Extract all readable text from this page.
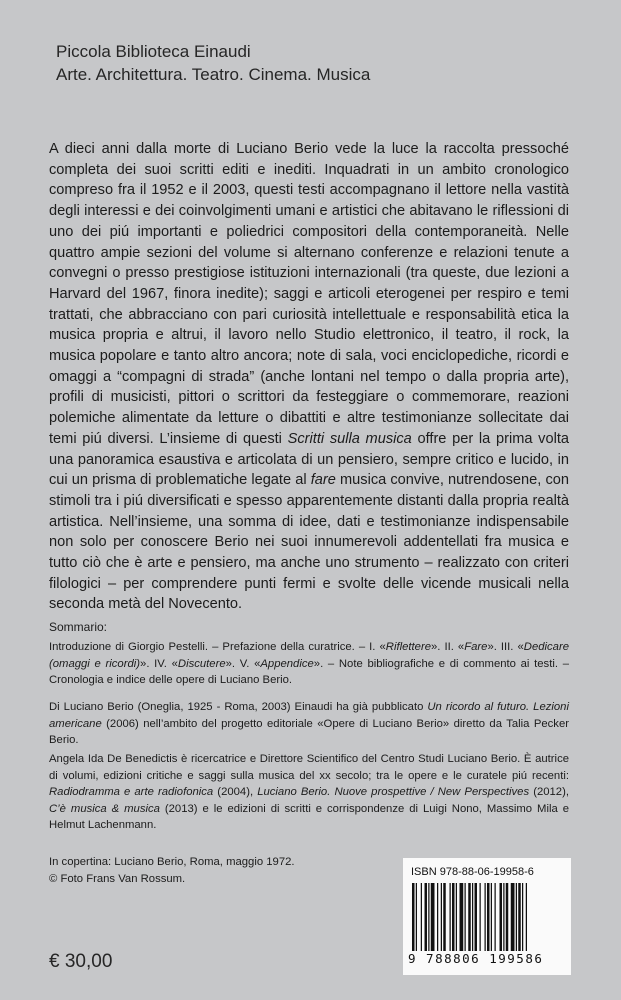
Piccola Biblioteca Einaudi
Arte. Architettura. Teatro. Cinema. Musica

A dieci anni dalla morte di Luciano Berio vede la luce la raccolta pressoché completa dei suoi scritti editi e inediti. Inquadrati in un ambito cronologico compreso fra il 1952 e il 2003, questi testi accompagnano il lettore nella vastità degli interessi e dei coinvolgimenti umani e artistici che abitavano le riflessioni di uno dei piú importanti e poliedrici compositori della contemporaneità. Nelle quattro ampie sezioni del volume si alternano conferenze e relazioni tenute a convegni o presso prestigiose istituzioni internazionali (tra queste, due lezioni a Harvard del 1967, finora inedite); saggi e articoli eterogenei per respiro e temi trattati, che abbracciano con pari curiosità intellettuale e responsabilità etica la musica propria e altrui, il lavoro nello Studio elettronico, il teatro, il rock, la musica popolare e tanto altro ancora; note di sala, voci enciclopediche, ricordi e omaggi a “compagni di strada” (anche lontani nel tempo o dalla propria arte), profili di musicisti, pittori o scrittori da festeggiare o commemorare, reazioni polemiche alimentate da letture o dibattiti e altre testimonianze sollecitate dai temi piú diversi. L’insieme di questi Scritti sulla musica offre per la prima volta una panoramica esaustiva e articolata di un pensiero, sempre critico e lucido, in cui un prisma di problematiche legate al fare musica convive, nutrendosene, con stimoli tra i piú diversificati e spesso apparentemente distanti dalla propria realtà artistica. Nell’insieme, una somma di idee, dati e testimonianze indispensabile non solo per conoscere Berio nei suoi innumerevoli addentellati fra musica e tutto ciò che è arte e pensiero, ma anche uno strumento – realizzato con criteri filologici – per comprendere punti fermi e svolte delle vicende musicali nella seconda metà del Novecento.

Sommario:
Introduzione di Giorgio Pestelli. – Prefazione della curatrice. – I. «Riflettere». II. «Fare». III. «Dedicare (omaggi e ricordi)». IV. «Discutere». V. «Appendice». – Note bibliografiche e di commento ai testi. – Cronologia e indice delle opere di Luciano Berio.
Di Luciano Berio (Oneglia, 1925 - Roma, 2003) Einaudi ha già pubblicato Un ricordo al futuro. Lezioni americane (2006) nell’ambito del progetto editoriale «Opere di Luciano Berio» diretto da Talia Pecker Berio.
Angela Ida De Benedictis è ricercatrice e Direttore Scientifico del Centro Studi Luciano Berio. È autrice di volumi, edizioni critiche e saggi sulla musica del xx secolo; tra le opere e le curatele piú recenti: Radiodramma e arte radiofonica (2004), Luciano Berio. Nuove prospettive / New Perspectives (2012), C’è musica & musica (2013) e le edizioni di scritti e corrispondenze di Luigi Nono, Massimo Mila e Helmut Lachenmann.
In copertina: Luciano Berio, Roma, maggio 1972.
© Foto Frans Van Rossum.
€ 30,00
ISBN 978-88-06-19958-6
9 788806 199586
